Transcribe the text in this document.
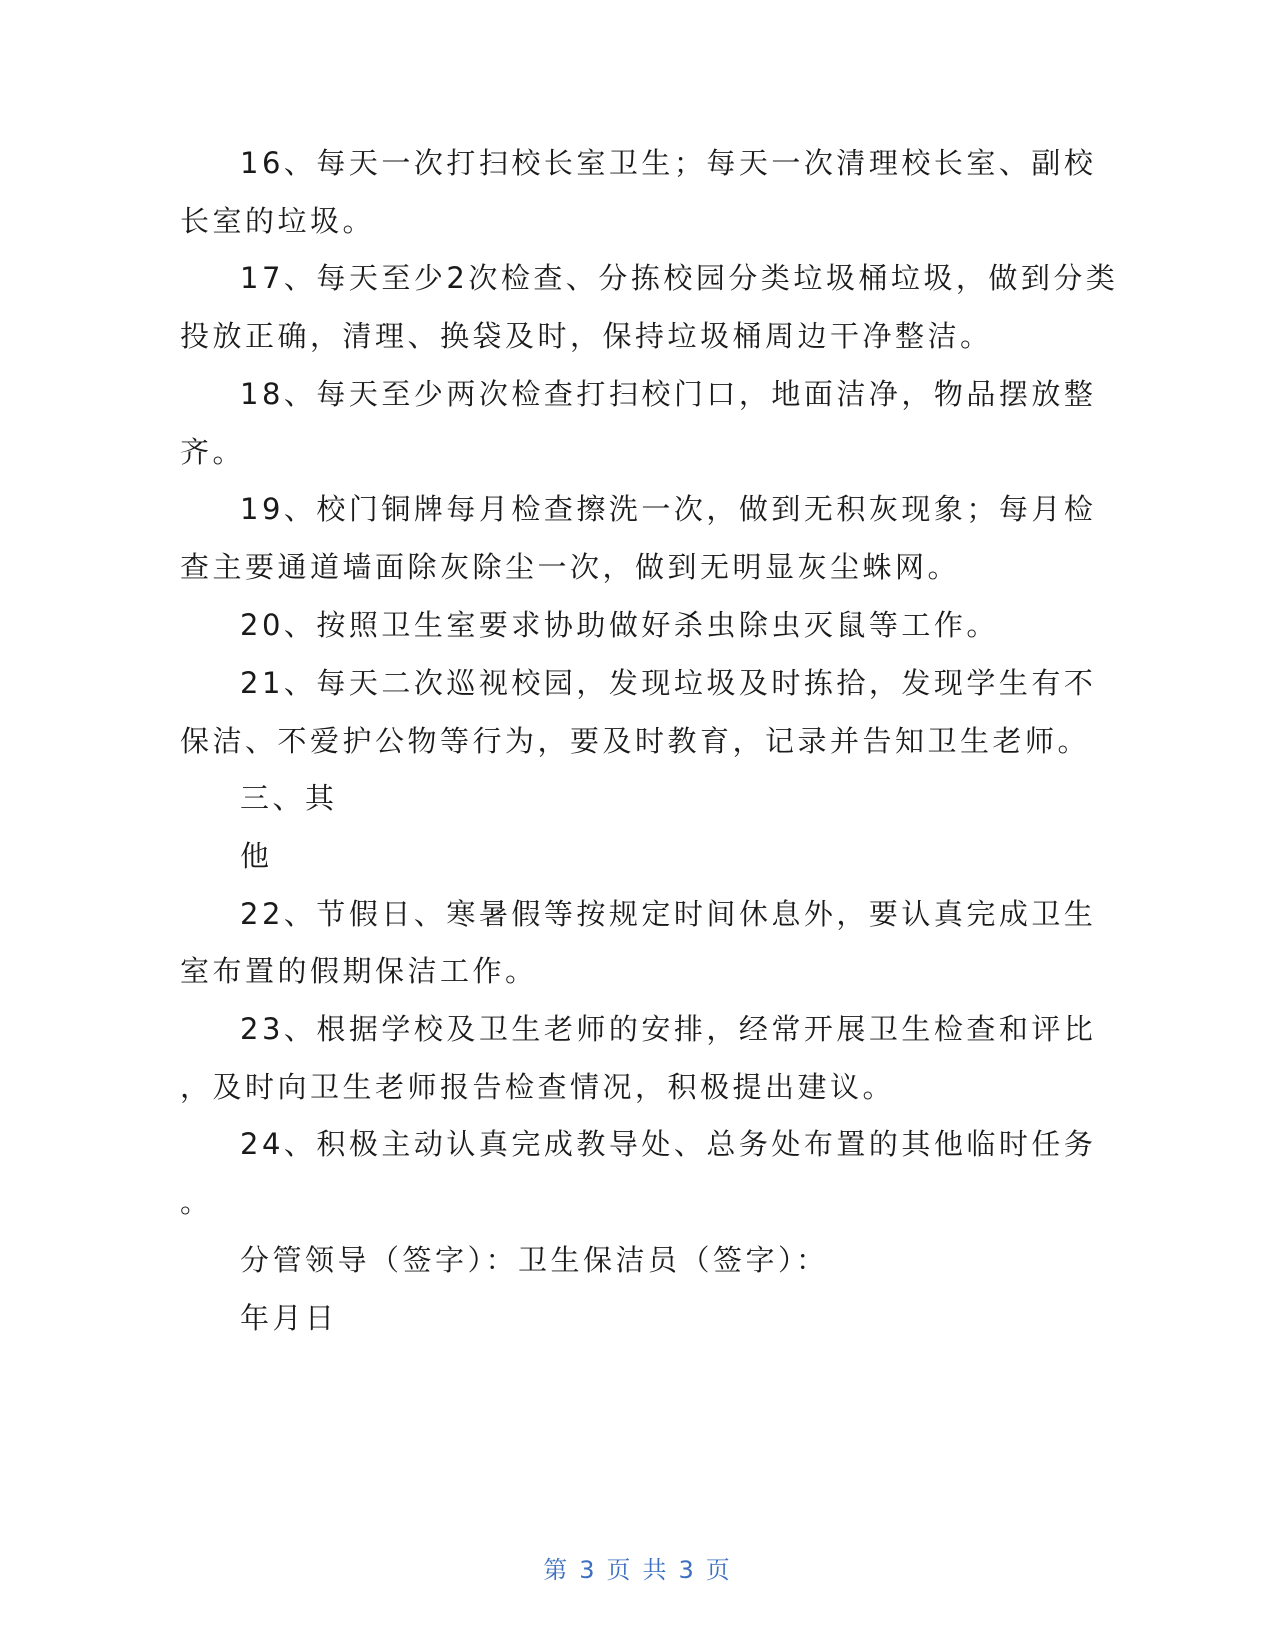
16、每天一次打扫校长室卫生；每天一次清理校长室、副校
长室的垃圾。
17、每天至少2次检查、分拣校园分类垃圾桶垃圾，做到分类
投放正确，清理、换袋及时，保持垃圾桶周边干净整洁。
18、每天至少两次检查打扫校门口，地面洁净，物品摆放整
齐。
19、校门铜牌每月检查擦洗一次，做到无积灰现象；每月检
查主要通道墙面除灰除尘一次，做到无明显灰尘蛛网。
20、按照卫生室要求协助做好杀虫除虫灭鼠等工作。
21、每天二次巡视校园，发现垃圾及时拣拾，发现学生有不
保洁、不爱护公物等行为，要及时教育，记录并告知卫生老师。
三、其
他
22、节假日、寒暑假等按规定时间休息外，要认真完成卫生
室布置的假期保洁工作。
23、根据学校及卫生老师的安排，经常开展卫生检查和评比
，及时向卫生老师报告检查情况，积极提出建议。
24、积极主动认真完成教导处、总务处布置的其他临时任务
。
分管领导（签字）：卫生保洁员（签字）：
年月日
第 3 页 共 3 页
